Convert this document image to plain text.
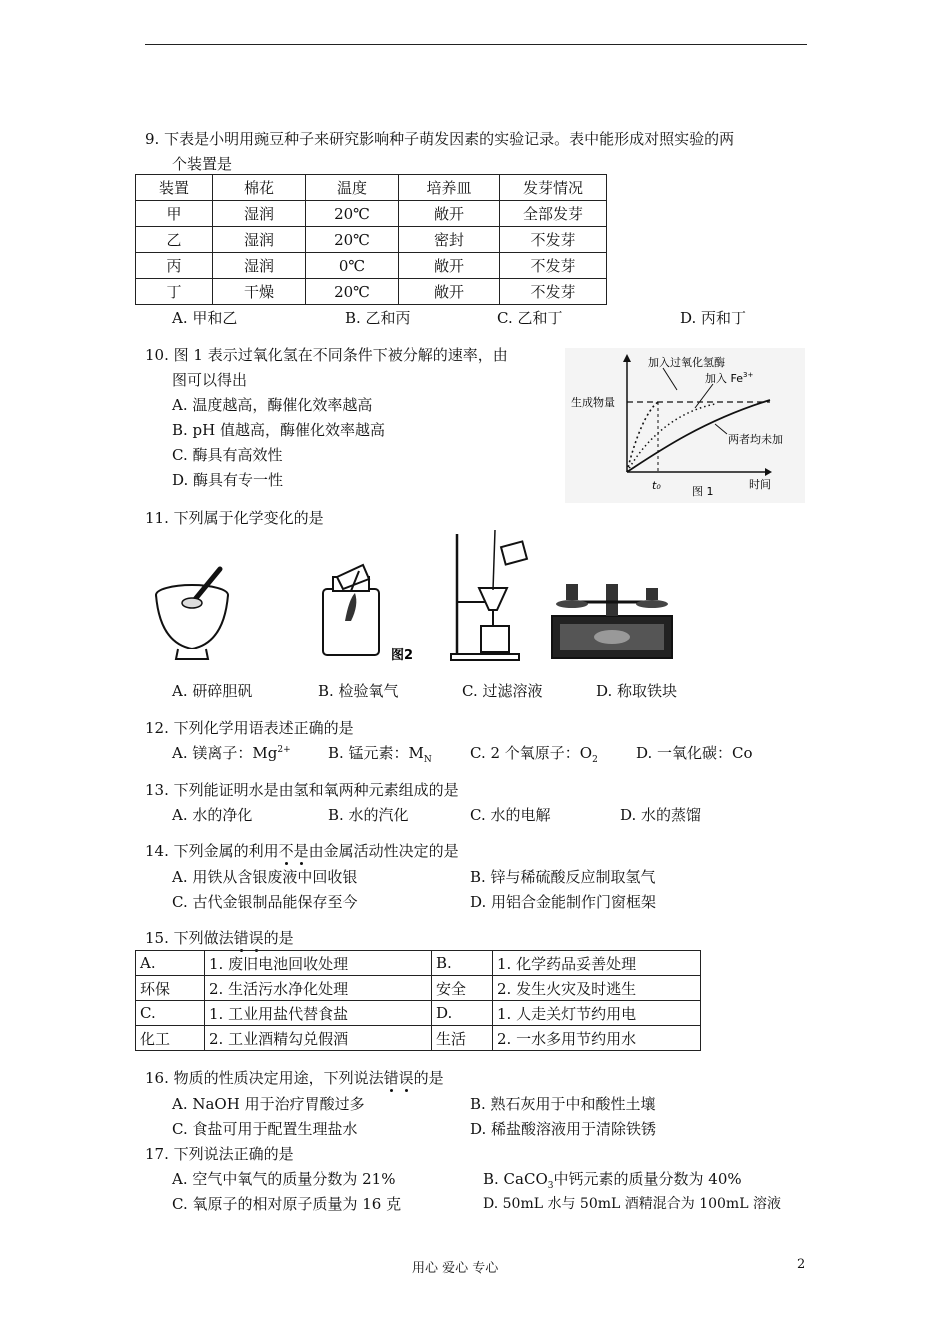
9. 下表是小明用豌豆种子来研究影响种子萌发因素的实验记录。表中能形成对照实验的两
个装置是
装置	棉花	温度	培养皿	发芽情况
甲	湿润	20℃	敞开	全部发芽
乙	湿润	20℃	密封	不发芽
丙	湿润	0℃	敞开	不发芽
丁	干燥	20℃	敞开	不发芽
A. 甲和乙	B. 乙和丙	C. 乙和丁	D. 丙和丁
10. 图 1 表示过氧化氢在不同条件下被分解的速率，由
图可以得出
A. 温度越高，酶催化效率越高
B. pH 值越高，酶催化效率越高
C. 酶具有高效性
D. 酶具有专一性
加入过氧化氢酶
加入 $Fe^{3+}$
两者均未加
生成物量
t₀	时间
图 1
11. 下列属于化学变化的是
图2
A. 研碎胆矾	B. 检验氧气	C. 过滤溶液	D. 称取铁块
12. 下列化学用语表述正确的是
A. 镁离子：$Mg^{2+}$ B. 锰元素：$M_N$	C. 2 个氧原子：$O_2$	D. 一氧化碳：Co
13. 下列能证明水是由氢和氧两种元素组成的是
A. 水的净化	B. 水的汽化	C. 水的电解	D. 水的蒸馏
14. 下列金属的利用不是由金属活动性决定的是
A. 用铁从含银废液中回收银	B. 锌与稀硫酸反应制取氢气
C. 古代金银制品能保存至今	D. 用铝合金能制作门窗框架
15. 下列做法错误的是
A.	1. 废旧电池回收处理	B.	1. 化学药品妥善处理
环保	2. 生活污水净化处理	安全	2. 发生火灾及时逃生
C.	1. 工业用盐代替食盐	D.	1. 人走关灯节约用电
化工	2. 工业酒精勾兑假酒	生活	2. 一水多用节约用水
16. 物质的性质决定用途，下列说法错误的是
A. NaOH 用于治疗胃酸过多	B. 熟石灰用于中和酸性土壤
C. 食盐可用于配置生理盐水	D. 稀盐酸溶液用于清除铁锈
17. 下列说法正确的是
A. 空气中氧气的质量分数为 21%	B. CaCO$_3$中钙元素的质量分数为 40%
C. 氧原子的相对原子质量为 16 克	D. 50mL 水与 50mL 酒精混合为 100mL 溶液
用心 爱心 专心	2
